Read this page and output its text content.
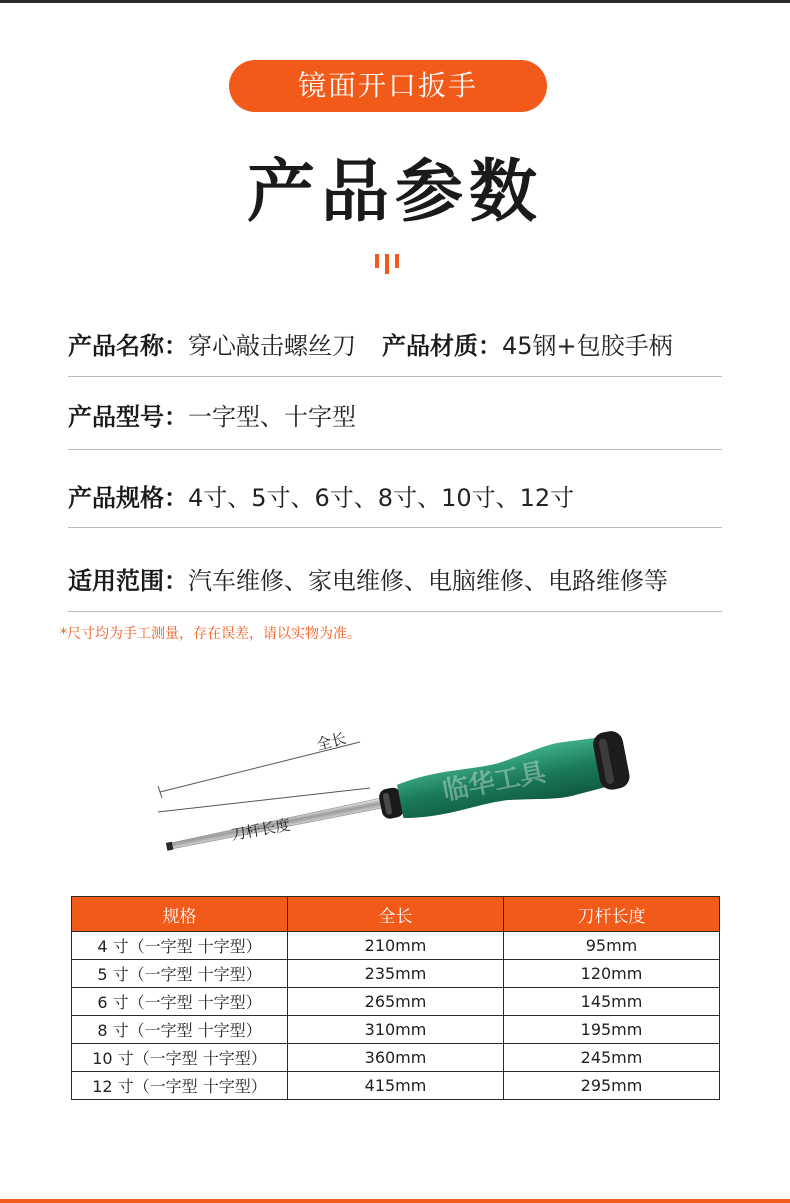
镜面开口扳手
产品参数
产品名称：穿心敲击螺丝刀 产品材质：45钢+包胶手柄
产品型号：一字型、十字型
产品规格：4寸、5寸、6寸、8寸、10寸、12寸
适用范围：汽车维修、家电维修、电脑维修、电路维修等
*尺寸均为手工测量，存在误差，请以实物为准。
全长
临华工具
刀杆长度
规格	全长	刀杆长度
4 寸（一字型 十字型）	210mm	95mm
5 寸（一字型 十字型）	235mm	120mm
6 寸（一字型 十字型）	265mm	145mm
8 寸（一字型 十字型）	310mm	195mm
10 寸（一字型 十字型）	360mm	245mm
12 寸（一字型 十字型）	415mm	295mm
